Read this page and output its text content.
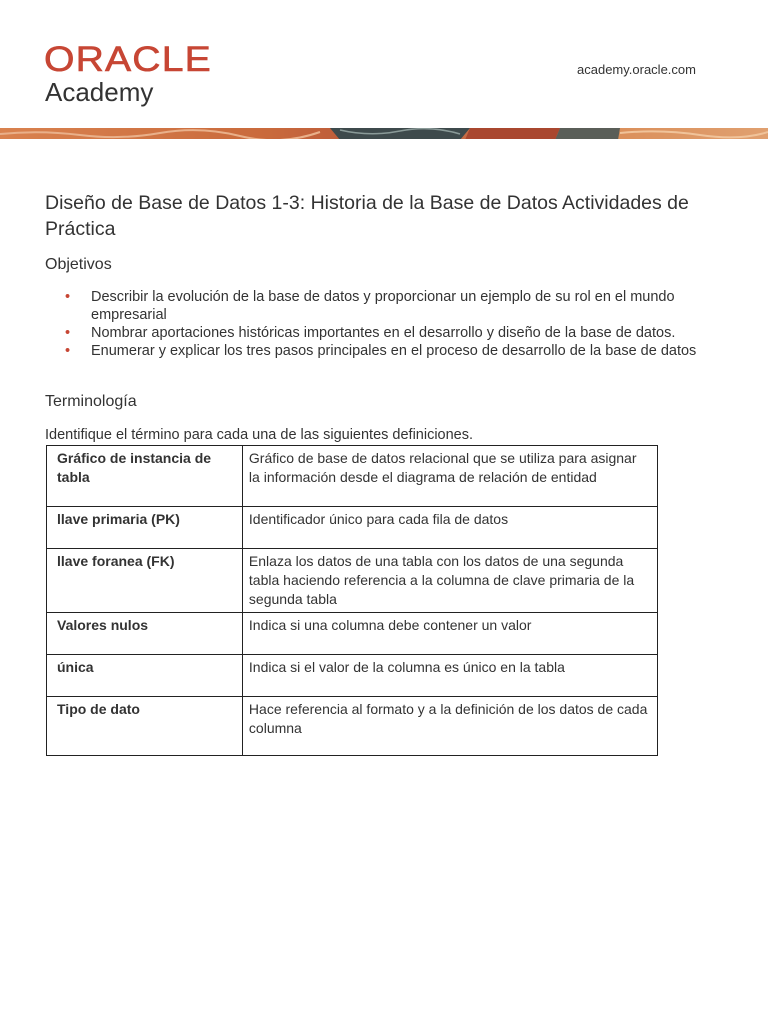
ORACLE
Academy
academy.oracle.com
Diseño de Base de Datos 1-3: Historia de la Base de Datos Actividades de Práctica
Objetivos
• Describir la evolución de la base de datos y proporcionar un ejemplo de su rol en el mundo empresarial
• Nombrar aportaciones históricas importantes en el desarrollo y diseño de la base de datos.
• Enumerar y explicar los tres pasos principales en el proceso de desarrollo de la base de datos
Terminología

Identifique el término para cada una de las siguientes definiciones.

Gráfico de instancia de tabla	Gráfico de base de datos relacional que se utiliza para asignar la información desde el diagrama de relación de entidad
llave primaria (PK)	Identificador único para cada fila de datos
llave foranea (FK)	Enlaza los datos de una tabla con los datos de una segunda tabla haciendo referencia a la columna de clave primaria de la segunda tabla
Valores nulos	Indica si una columna debe contener un valor
única	Indica si el valor de la columna es único en la tabla
Tipo de dato	Hace referencia al formato y a la definición de los datos de cada columna
